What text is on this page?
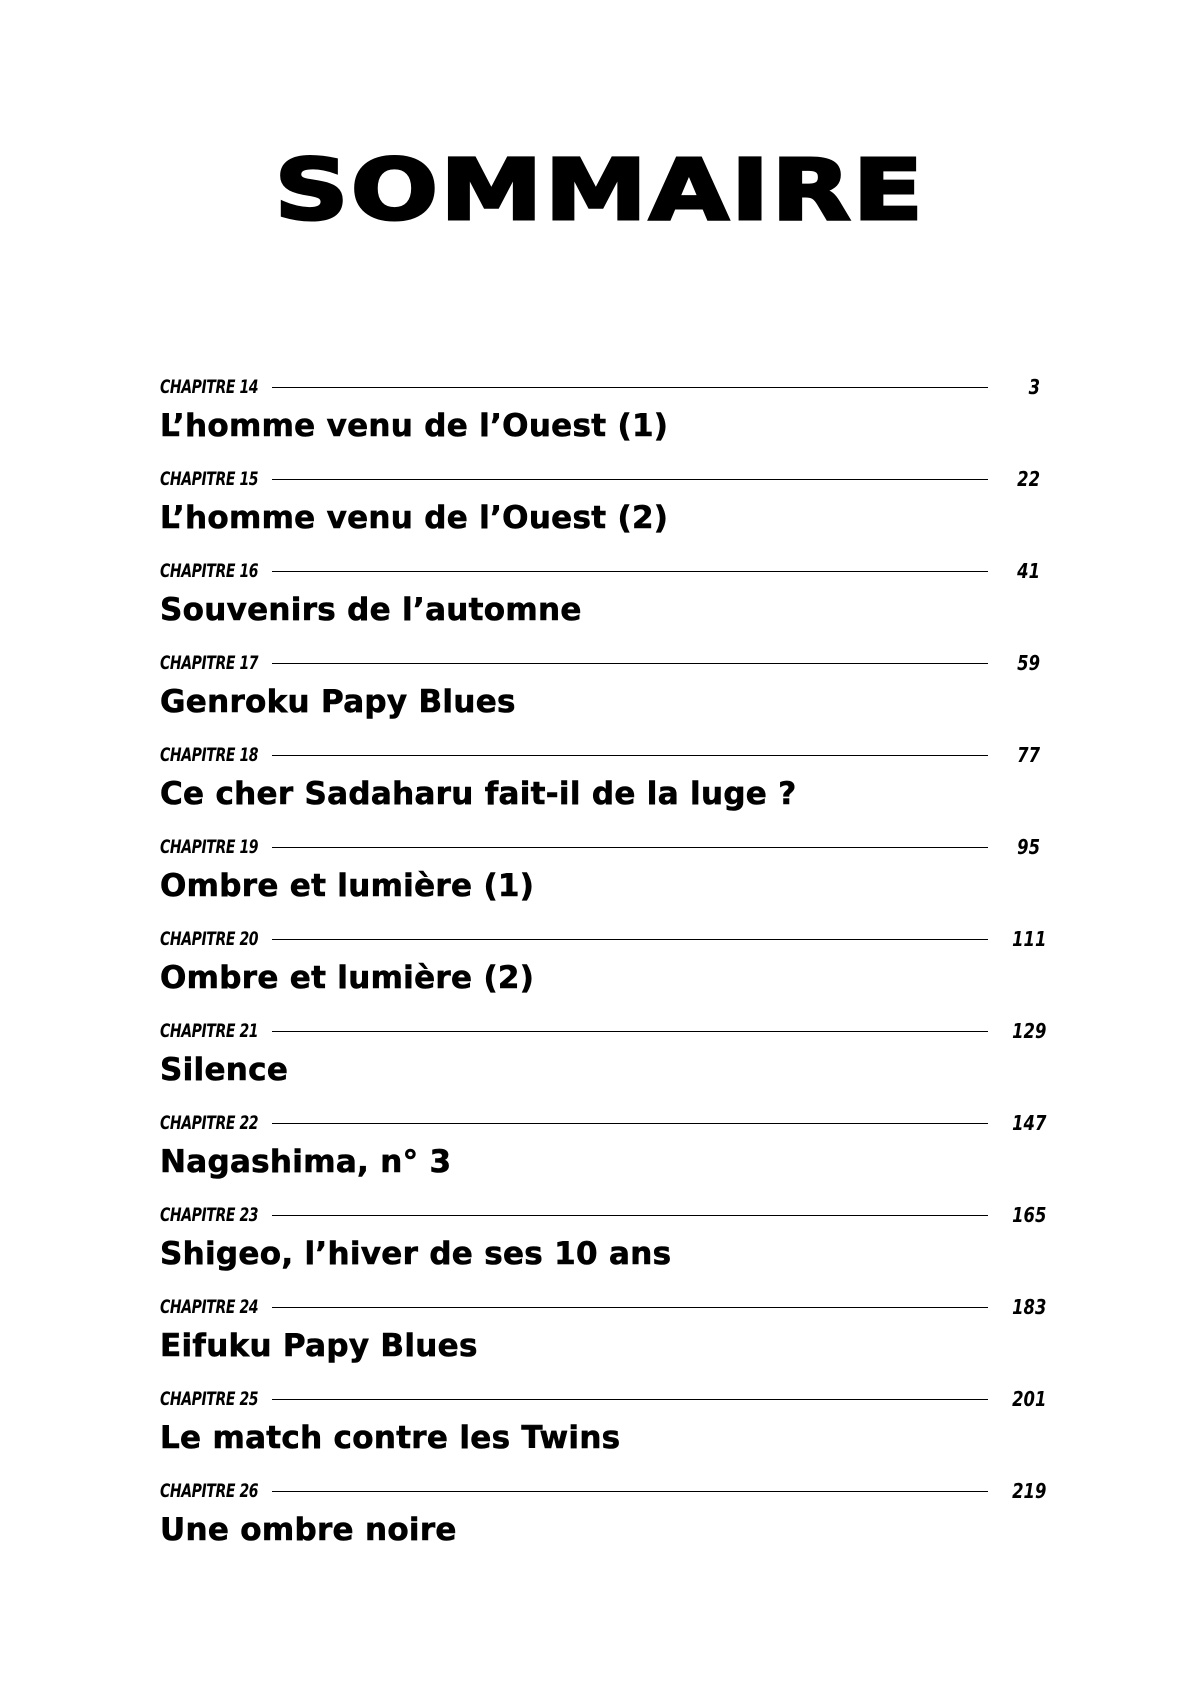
SOMMAIRE
CHAPITRE 14	3
L’homme venu de l’Ouest (1)
CHAPITRE 15	22
L’homme venu de l’Ouest (2)
CHAPITRE 16	41
Souvenirs de l’automne
CHAPITRE 17	59
Genroku Papy Blues
CHAPITRE 18	77
Ce cher Sadaharu fait-il de la luge ?
CHAPITRE 19	95
Ombre et lumière (1)
CHAPITRE 20	111
Ombre et lumière (2)
CHAPITRE 21	129
Silence
CHAPITRE 22	147
Nagashima, n° 3
CHAPITRE 23	165
Shigeo, l’hiver de ses 10 ans
CHAPITRE 24	183
Eifuku Papy Blues
CHAPITRE 25	201
Le match contre les Twins
CHAPITRE 26	219
Une ombre noire
